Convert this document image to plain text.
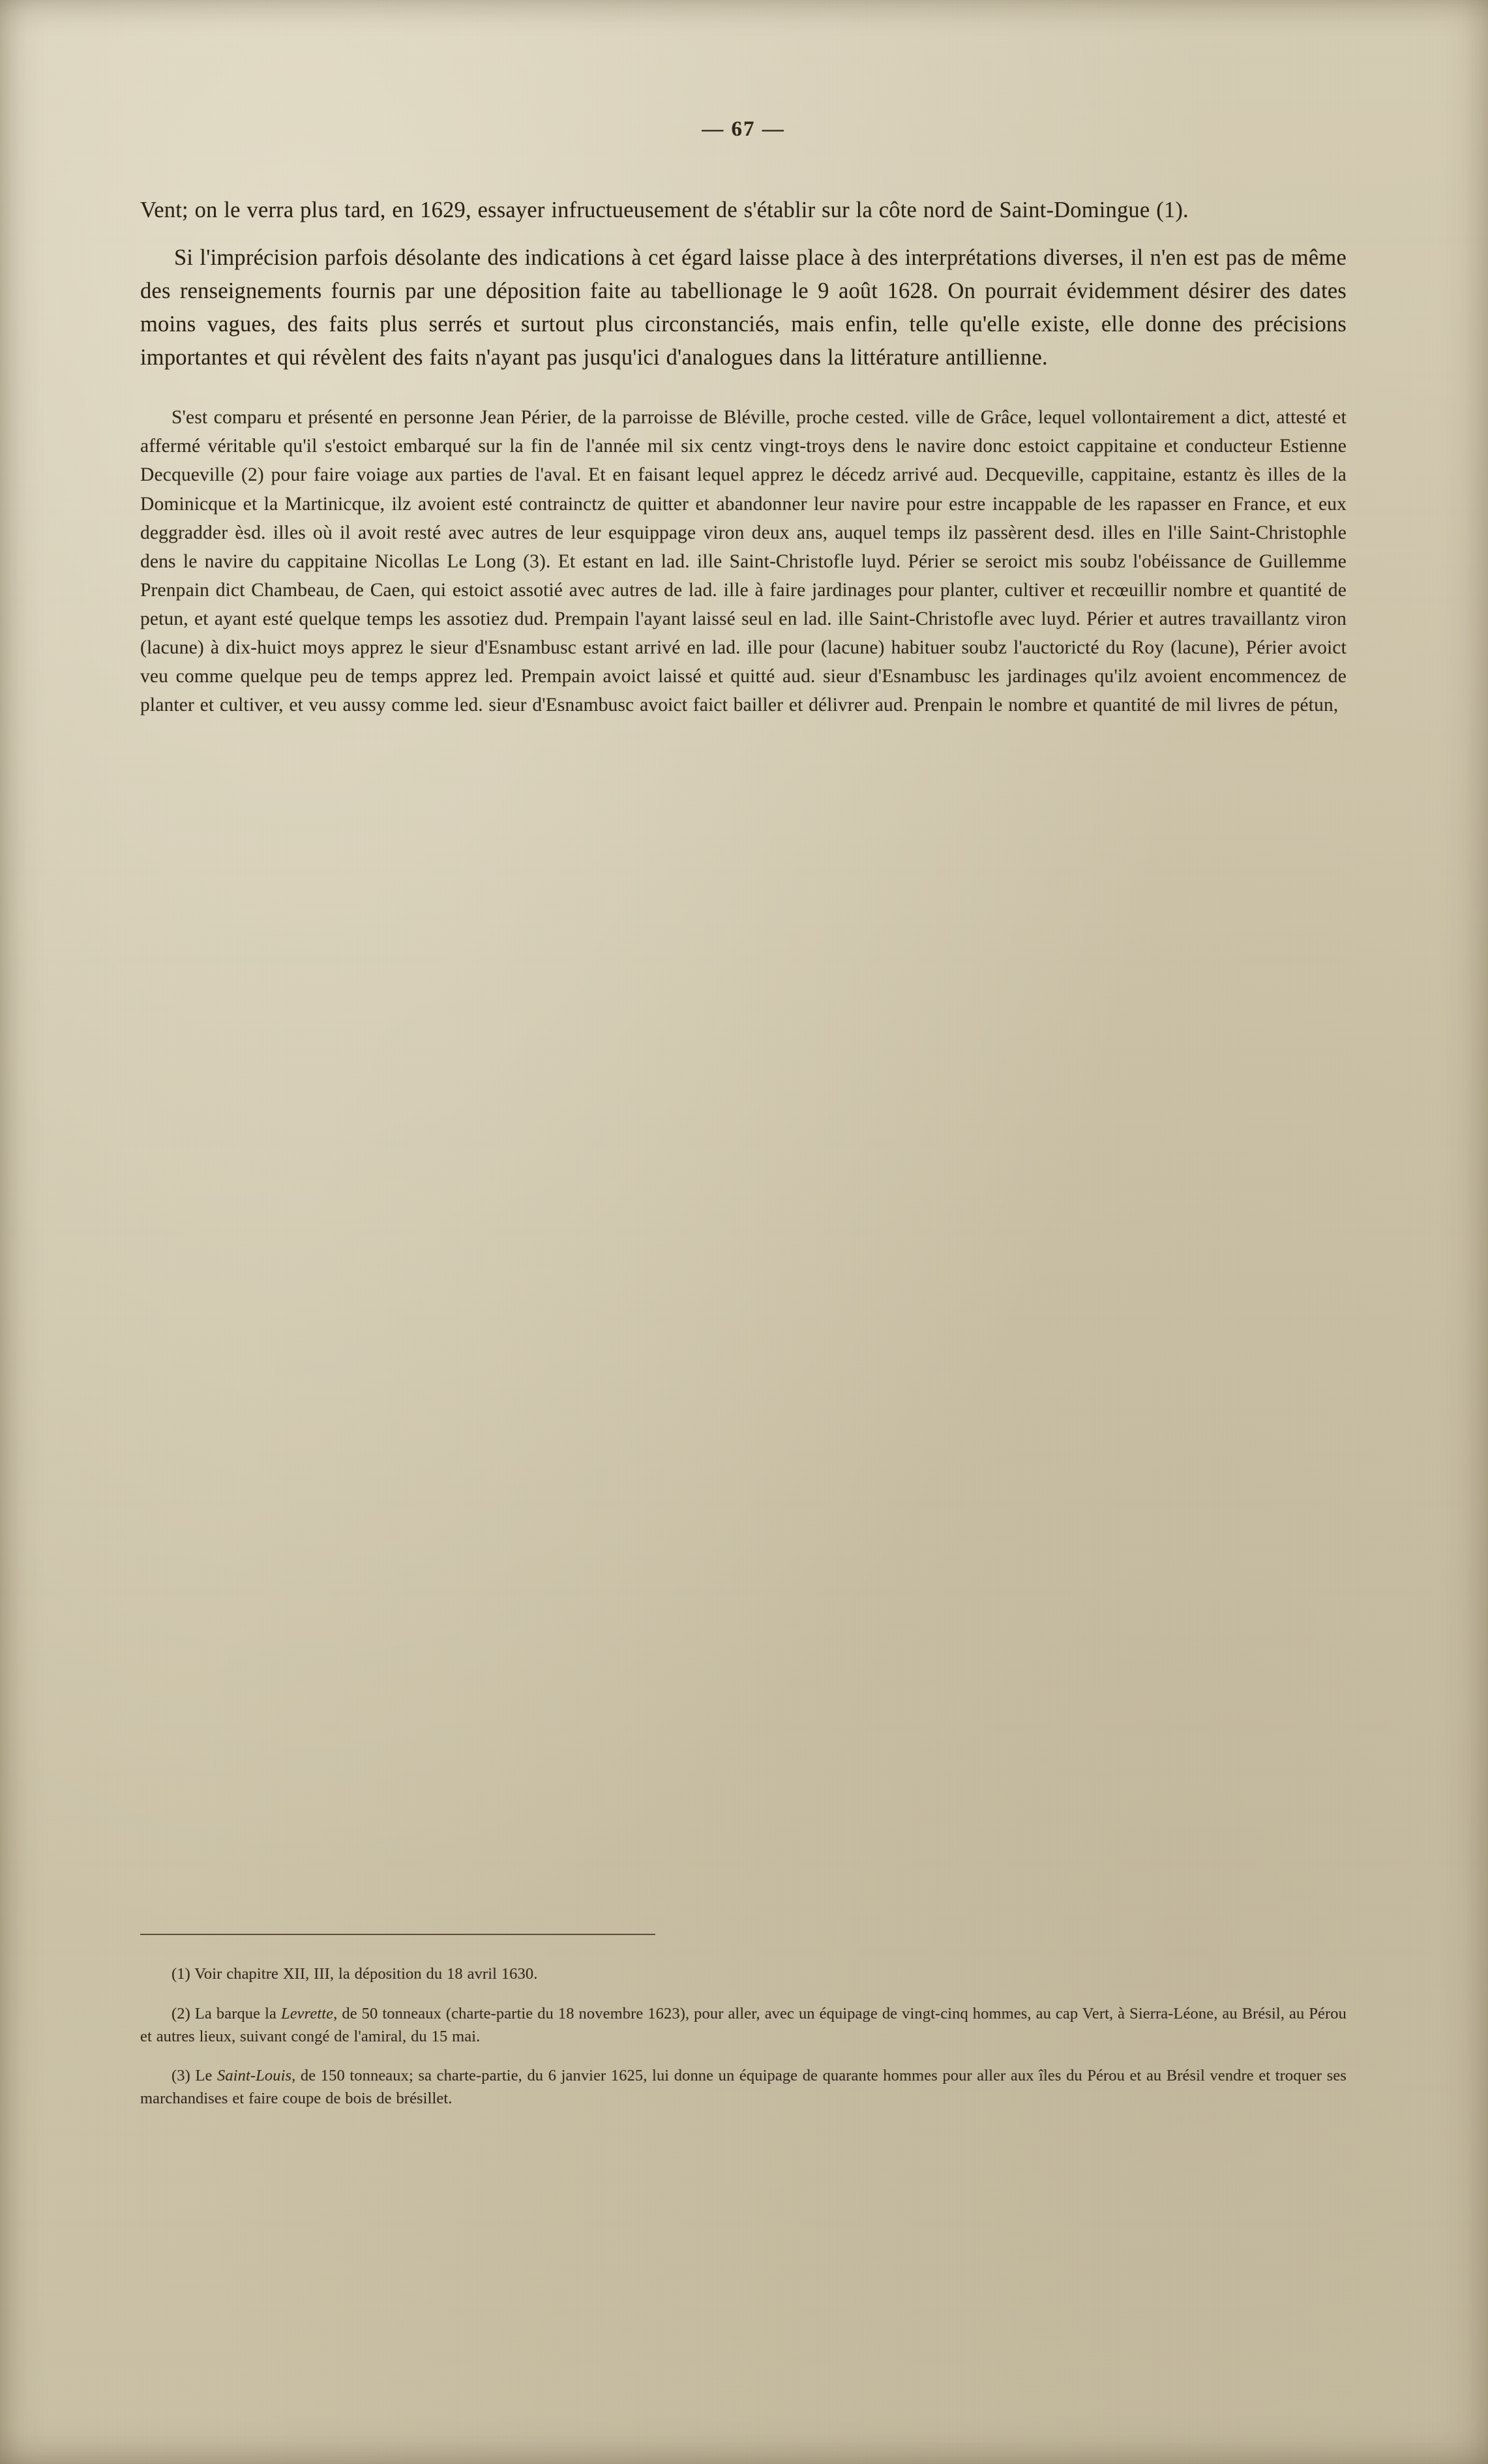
— 67 —

Vent; on le verra plus tard, en 1629, essayer infructueusement de s'établir sur la côte nord de Saint-Domingue (1).

Si l'imprécision parfois désolante des indications à cet égard laisse place à des interprétations diverses, il n'en est pas de même des renseignements fournis par une déposition faite au tabellionage le 9 août 1628. On pourrait évidemment désirer des dates moins vagues, des faits plus serrés et surtout plus circonstanciés, mais enfin, telle qu'elle existe, elle donne des précisions importantes et qui révèlent des faits n'ayant pas jusqu'ici d'analogues dans la littérature antillienne.

S'est comparu et présenté en personne Jean Périer, de la parroisse de Bléville, proche cested. ville de Grâce, lequel vollontairement a dict, attesté et affermé véritable qu'il s'estoict embarqué sur la fin de l'année mil six centz vingt-troys dens le navire donc estoict cappitaine et conducteur Estienne Decqueville (2) pour faire voiage aux parties de l'aval. Et en faisant lequel apprez le décedz arrivé aud. Decqueville, cappitaine, estantz ès illes de la Dominicque et la Martinicque, ilz avoient esté contrainctz de quitter et abandonner leur navire pour estre incappable de les rapasser en France, et eux deggradder èsd. illes où il avoit resté avec autres de leur esquippage viron deux ans, auquel temps ilz passèrent desd. illes en l'ille Saint-Christophle dens le navire du cappitaine Nicollas Le Long (3). Et estant en lad. ille Saint-Christofle luyd. Périer se seroict mis soubz l'obéissance de Guillemme Prenpain dict Chambeau, de Caen, qui estoict assotié avec autres de lad. ille à faire jardinages pour planter, cultiver et recœuillir nombre et quantité de petun, et ayant esté quelque temps les assotiez dud. Prempain l'ayant laissé seul en lad. ille Saint-Christofle avec luyd. Périer et autres travaillantz viron (lacune) à dix-huict moys apprez le sieur d'Esnambusc estant arrivé en lad. ille pour (lacune) habituer soubz l'auctoricté du Roy (lacune), Périer avoict veu comme quelque peu de temps apprez led. Prempain avoict laissé et quitté aud. sieur d'Esnambusc les jardinages qu'ilz avoient encommencez de planter et cultiver, et veu aussy comme led. sieur d'Esnambusc avoict faict bailler et délivrer aud. Prenpain le nombre et quantité de mil livres de pétun,

(1) Voir chapitre XII, III, la déposition du 18 avril 1630.

(2) La barque la Levrette, de 50 tonneaux (charte-partie du 18 novembre 1623), pour aller, avec un équipage de vingt-cinq hommes, au cap Vert, à Sierra-Léone, au Brésil, au Pérou et autres lieux, suivant congé de l'amiral, du 15 mai.

(3) Le Saint-Louis, de 150 tonneaux; sa charte-partie, du 6 janvier 1625, lui donne un équipage de quarante hommes pour aller aux îles du Pérou et au Brésil vendre et troquer ses marchandises et faire coupe de bois de brésillet.
